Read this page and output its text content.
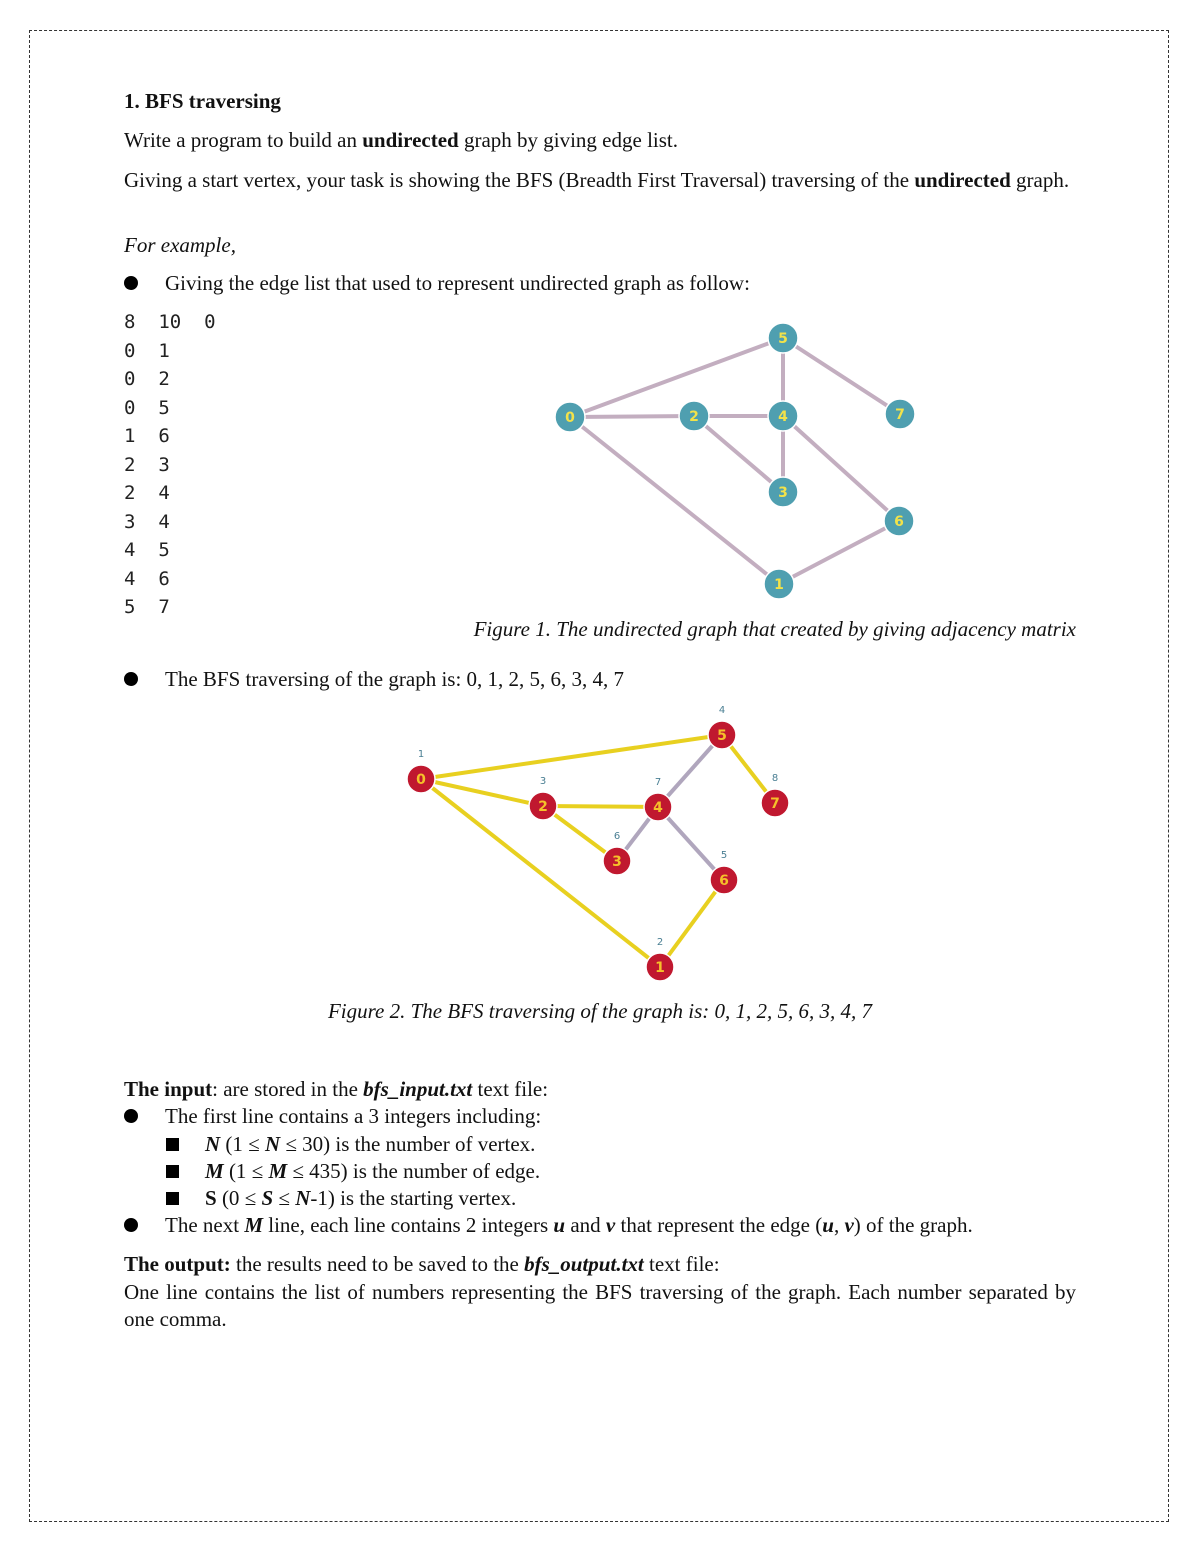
1. BFS traversing
Write a program to build an undirected graph by giving edge list.
Giving a start vertex, your task is showing the BFS (Breadth First Traversal) traversing of the undirected graph.
For example,
Giving the edge list that used to represent undirected graph as follow:
8  10  0
0  1
0  2
0  5
1  6
2  3
2  4
3  4
4  5
4  6
5  7
0
1
2
3
4
5
6
7
Figure 1. The undirected graph that created by giving adjacency matrix
The BFS traversing of the graph is: 0, 1, 2, 5, 6, 3, 4, 7
0
1
2
3
4
5
6
7
1
2
3
6
7
4
5
8
Figure 2. The BFS traversing of the graph is: 0, 1, 2, 5, 6, 3, 4, 7
The input: are stored in the bfs_input.txt text file:
The first line contains a 3 integers including:
N (1 ≤ N ≤ 30) is the number of vertex.
M (1 ≤ M ≤ 435) is the number of edge.
S (0 ≤ S ≤ N-1) is the starting vertex.
The next M line, each line contains 2 integers u and v that represent the edge (u, v) of the graph.
The output: the results need to be saved to the bfs_output.txt text file:
One line contains the list of numbers representing the BFS traversing of the graph. Each number separated by one comma.
